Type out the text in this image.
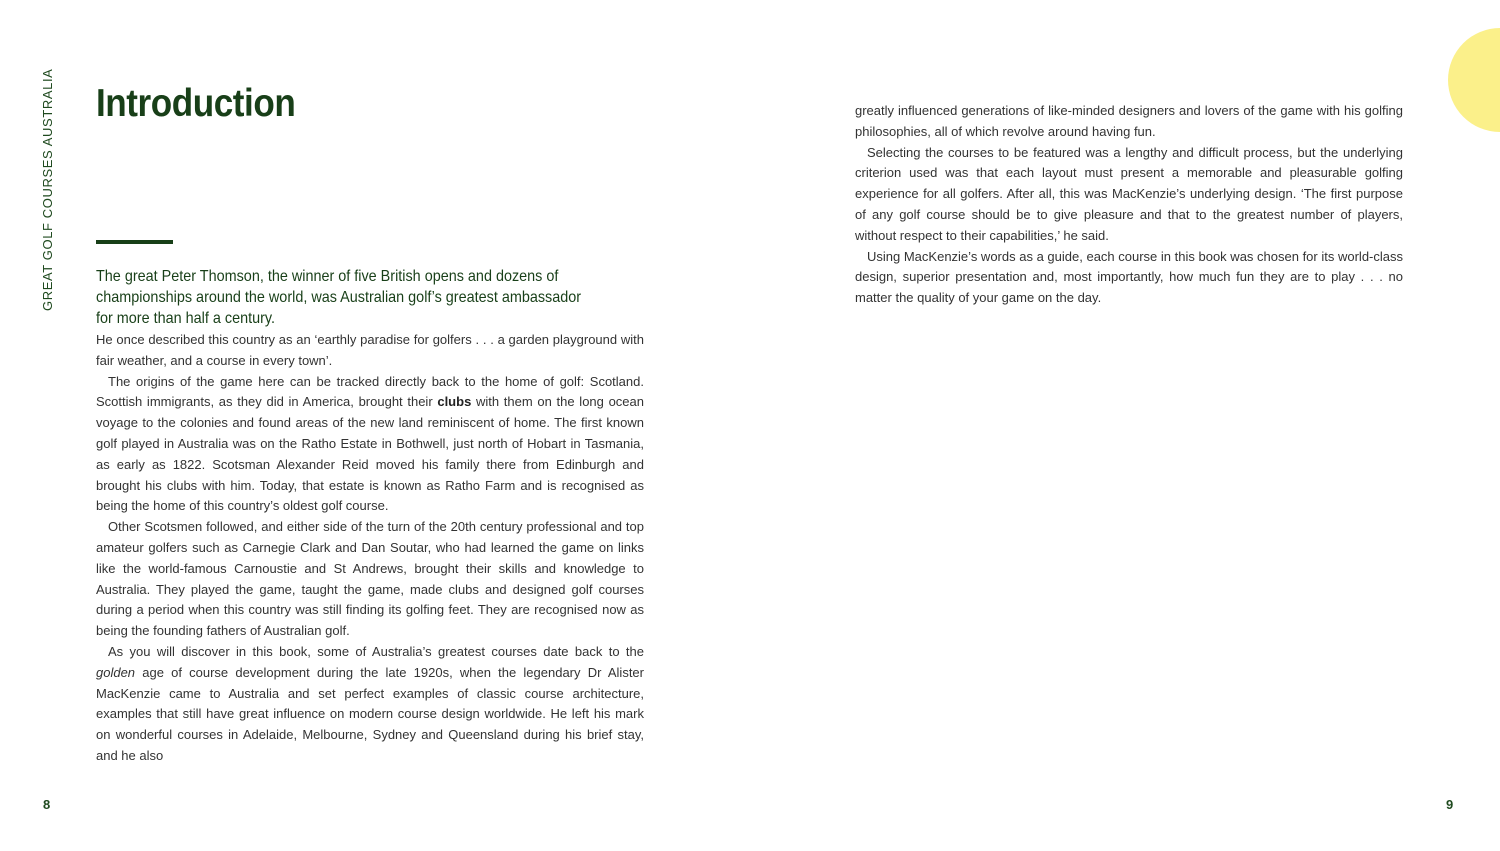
GREAT GOLF COURSES AUSTRALIA Introduction

The great Peter Thomson, the winner of five British opens and dozens of championships around the world, was Australian golf’s greatest ambassador for more than half a century.

He once described this country as an ‘earthly paradise for golfers . . . a garden playground with fair weather, and a course in every town’.

The origins of the game here can be tracked directly back to the home of golf: Scotland. Scottish immigrants, as they did in America, brought their clubs with them on the long ocean voyage to the colonies and found areas of the new land reminiscent of home. The first known golf played in Australia was on the Ratho Estate in Bothwell, just north of Hobart in Tasmania, as early as 1822. Scotsman Alexander Reid moved his family there from Edinburgh and brought his clubs with him. Today, that estate is known as Ratho Farm and is recognised as being the home of this country’s oldest golf course.

Other Scotsmen followed, and either side of the turn of the 20th century professional and top amateur golfers such as Carnegie Clark and Dan Soutar, who had learned the game on links like the world-famous Carnoustie and St Andrews, brought their skills and knowledge to Australia. They played the game, taught the game, made clubs and designed golf courses during a period when this country was still finding its golfing feet. They are recognised now as being the founding fathers of Australian golf.

As you will discover in this book, some of Australia’s greatest courses date back to the golden age of course development during the late 1920s, when the legendary Dr Alister MacKenzie came to Australia and set perfect examples of classic course architecture, examples that still have great influence on modern course design worldwide. He left his mark on wonderful courses in Adelaide, Melbourne, Sydney and Queensland during his brief stay, and he also

greatly influenced generations of like-minded designers and lovers of the game with his golfing philosophies, all of which revolve around having fun.

Selecting the courses to be featured was a lengthy and difficult process, but the underlying criterion used was that each layout must present a memorable and pleasurable golfing experience for all golfers. After all, this was MacKenzie’s underlying design. ‘The first purpose of any golf course should be to give pleasure and that to the greatest number of players, without respect to their capabilities,’ he said.

Using MacKenzie’s words as a guide, each course in this book was chosen for its world-class design, superior presentation and, most importantly, how much fun they are to play . . . no matter the quality of your game on the day.

8	9
